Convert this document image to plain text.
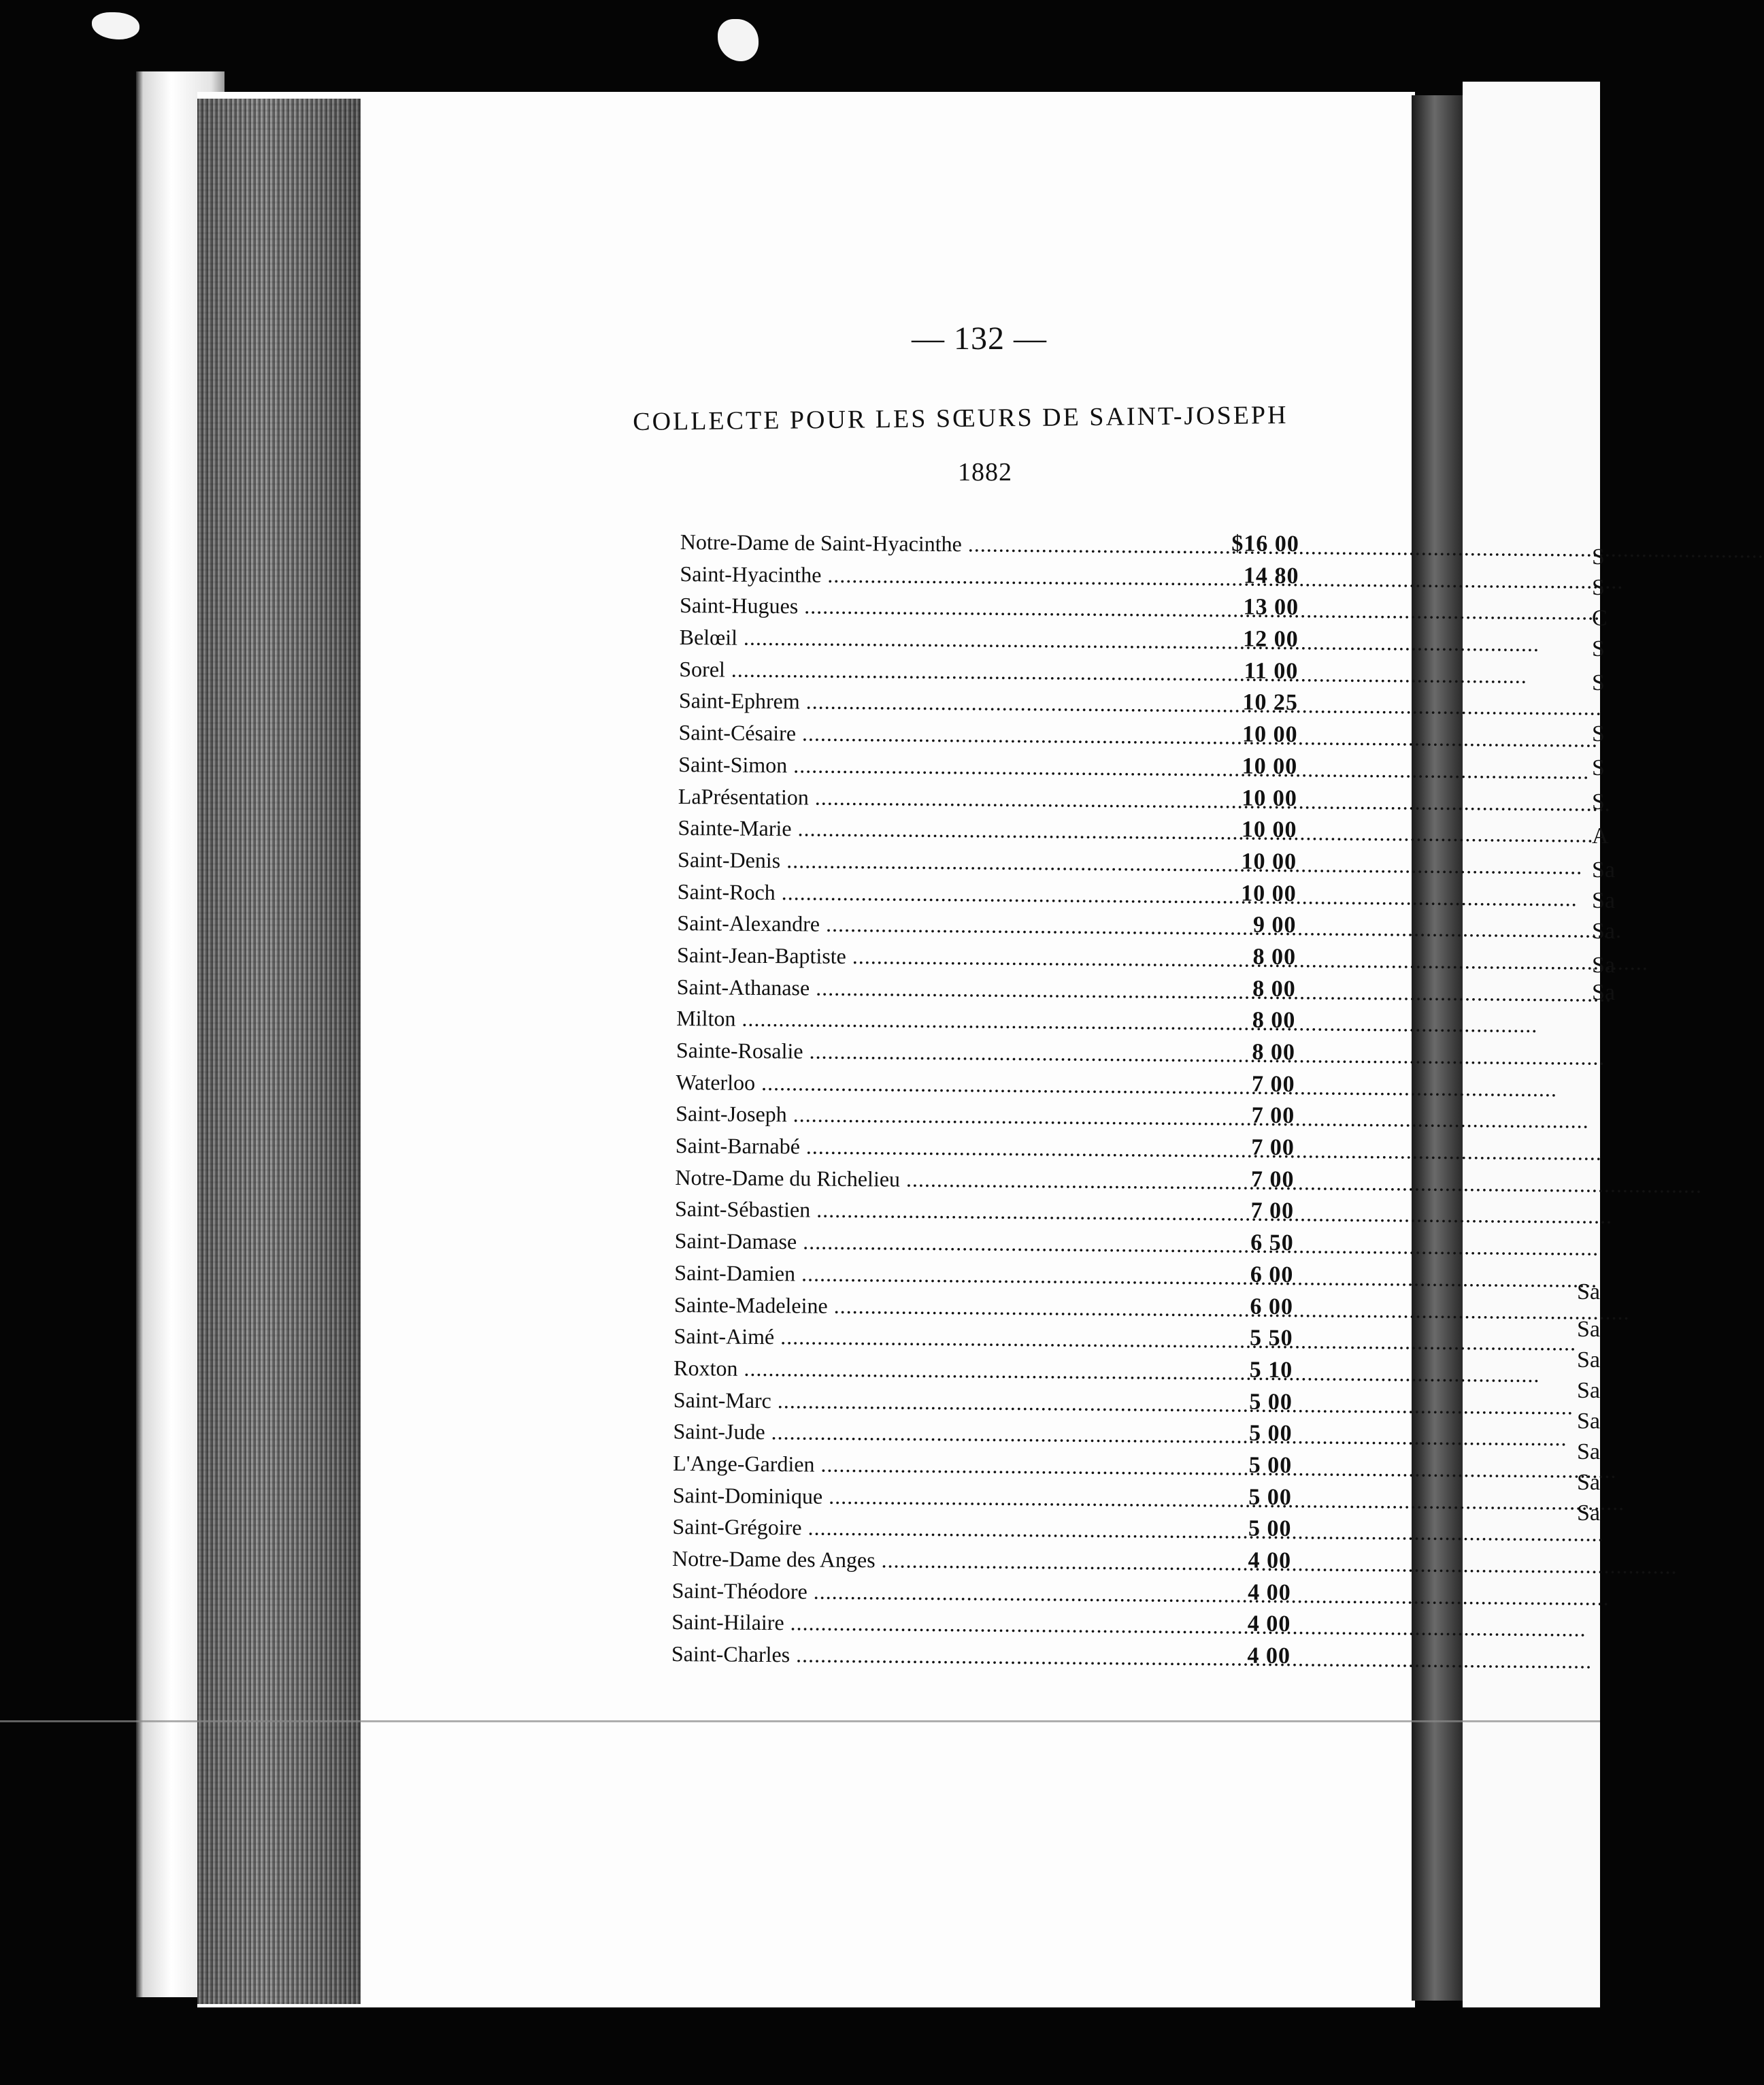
S
S
C
S
S
S
S
S
A
Sa
Sa
Sa
Sa
Sa
Sa
Sa
Sa
Sa
Sa
Sa
Sa
Sa
— 132 —
COLLECTE POUR LES SŒURS DE SAINT-JOSEPH
1882
Notre-Dame de Saint-Hyacinthe .....	$16 00
Saint-Hyacinthe .....	14 80
Saint-Hugues .....	13 00
Belœil .....	12 00
Sorel .....	11 00
Saint-Ephrem .....	10 25
Saint-Césaire .....	10 00
Saint-Simon .....	10 00
LaPrésentation .....	10 00
Sainte-Marie .....	10 00
Saint-Denis .....	10 00
Saint-Roch .....	10 00
Saint-Alexandre .....	9 00
Saint-Jean-Baptiste .....	8 00
Saint-Athanase .....	8 00
Milton .....	8 00
Sainte-Rosalie .....	8 00
Waterloo .....	7 00
Saint-Joseph .....	7 00
Saint-Barnabé .....	7 00
Notre-Dame du Richelieu .....	7 00
Saint-Sébastien .....	7 00
Saint-Damase .....	6 50
Saint-Damien .....	6 00
Sainte-Madeleine .....	6 00
Saint-Aimé .....	5 50
Roxton .....	5 10
Saint-Marc .....	5 00
Saint-Jude .....	5 00
L'Ange-Gardien .....	5 00
Saint-Dominique .....	5 00
Saint-Grégoire .....	5 00
Notre-Dame des Anges .....	4 00
Saint-Théodore .....	4 00
Saint-Hilaire .....	4 00
Saint-Charles .....	4 00
